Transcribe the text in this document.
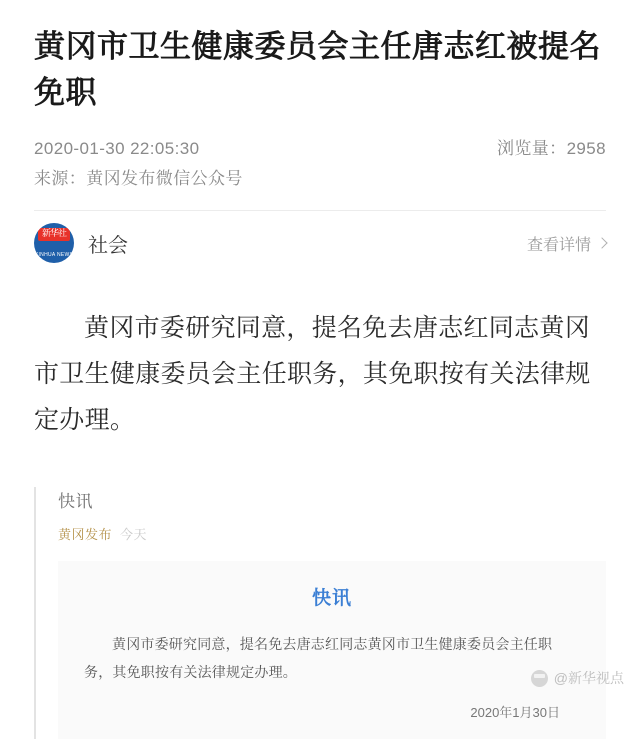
黄冈市卫生健康委员会主任唐志红被提名免职
2020-01-30 22:05:30
来源：黄冈发布微信公众号
浏览量：2958
新华社
XINHUA NEWS 社会	查看详情
黄冈市委研究同意，提名免去唐志红同志黄冈市卫生健康委员会主任职务，其免职按有关法律规定办理。
快讯
黄冈发布 今天
快讯
黄冈市委研究同意，提名免去唐志红同志黄冈市卫生健康委员会主任职务，其免职按有关法律规定办理。
2020年1月30日
@新华视点
